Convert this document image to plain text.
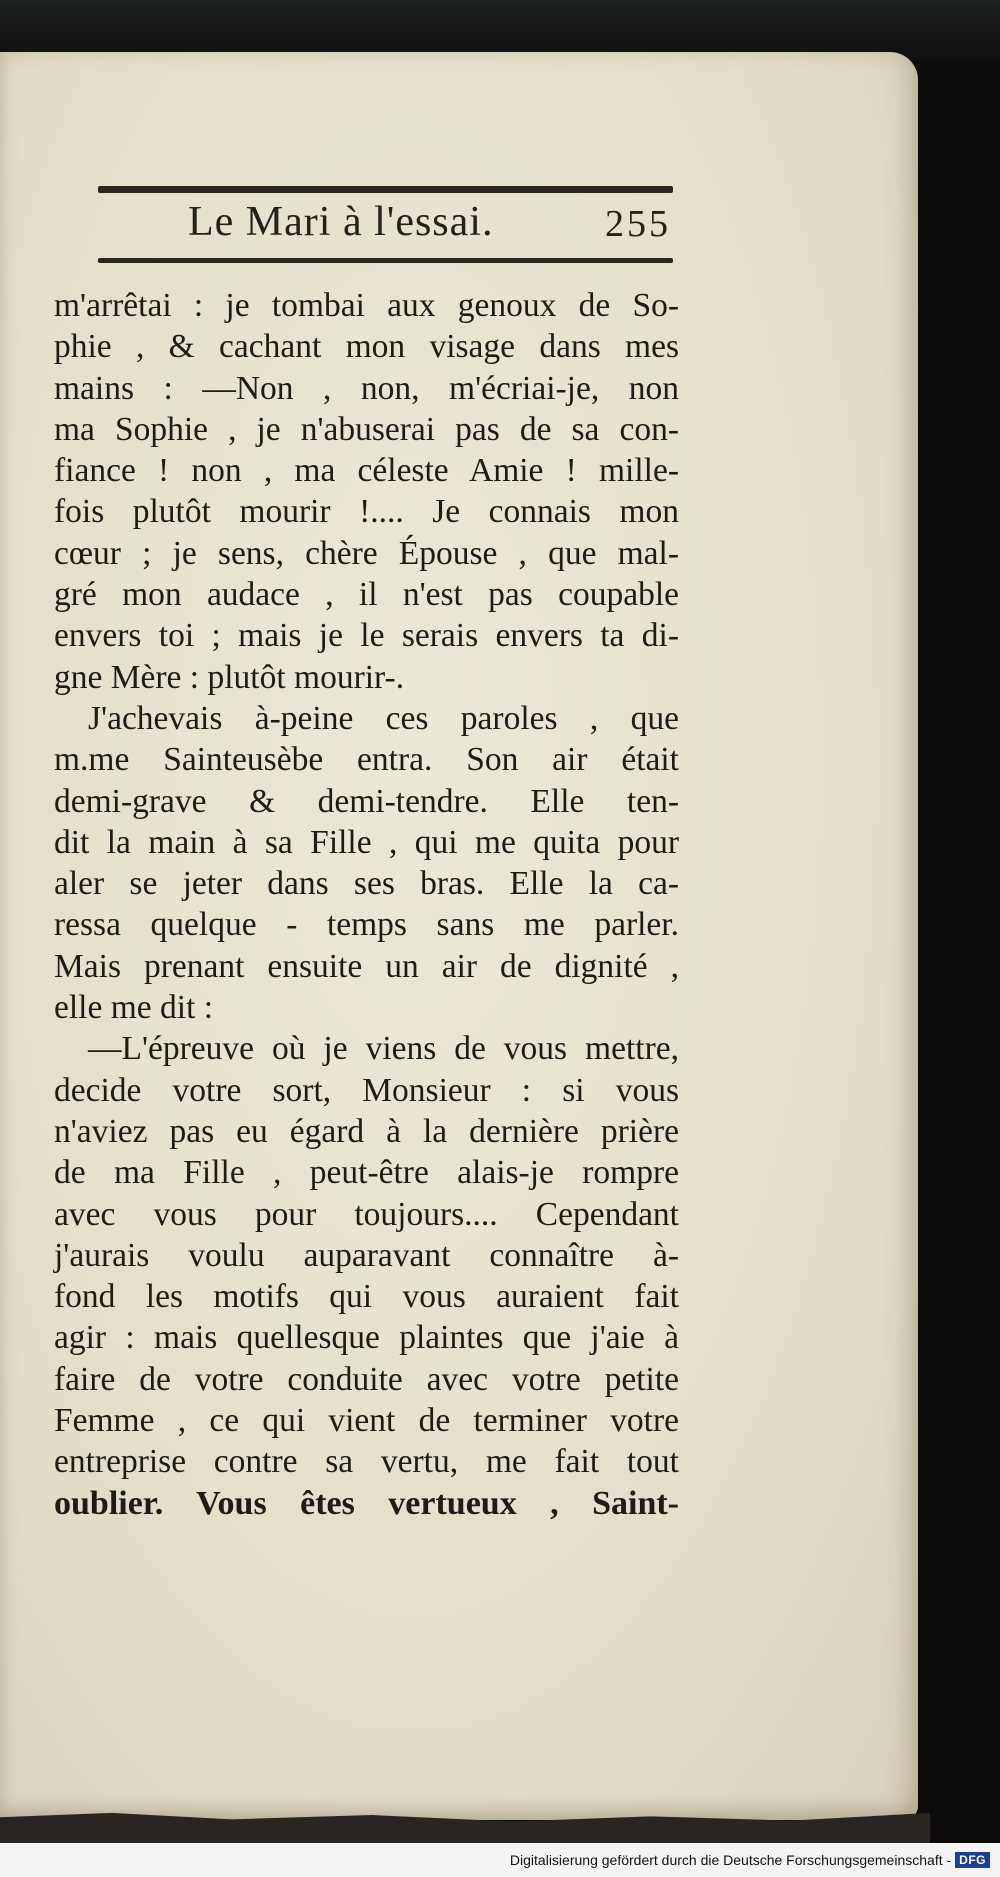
Le Mari à l'essai.	255
m'arrêtai : je tombai aux genoux de So-
phie , & cachant mon visage dans mes
mains : —Non , non, m'écriai-je, non
ma Sophie , je n'abuserai pas de sa con-
fiance ! non , ma céleste Amie ! mille-
fois plutôt mourir !.... Je connais mon
cœur ; je sens, chère Épouse , que mal-
gré mon audace , il n'est pas coupable
envers toi ; mais je le serais envers ta di-
gne Mère : plutôt mourir-.
J'achevais à-peine ces paroles , que
m.me Sainteusèbe entra. Son air était
demi-grave & demi-tendre. Elle ten-
dit la main à sa Fille , qui me quita pour
aler se jeter dans ses bras. Elle la ca-
ressa quelque - temps sans me parler.
Mais prenant ensuite un air de dignité ,
elle me dit :
—L'épreuve où je viens de vous mettre,
decide votre sort, Monsieur : si vous
n'aviez pas eu égard à la dernière prière
de ma Fille , peut-être alais-je rompre
avec vous pour toujours.... Cependant
j'aurais voulu auparavant connaître à-
fond les motifs qui vous auraient fait
agir : mais quellesque plaintes que j'aie à
faire de votre conduite avec votre petite
Femme , ce qui vient de terminer votre
entreprise contre sa vertu, me fait tout
oublier. Vous êtes vertueux , Saint-
Digitalisierung gefördert durch die Deutsche Forschungsgemeinschaft - DFG
